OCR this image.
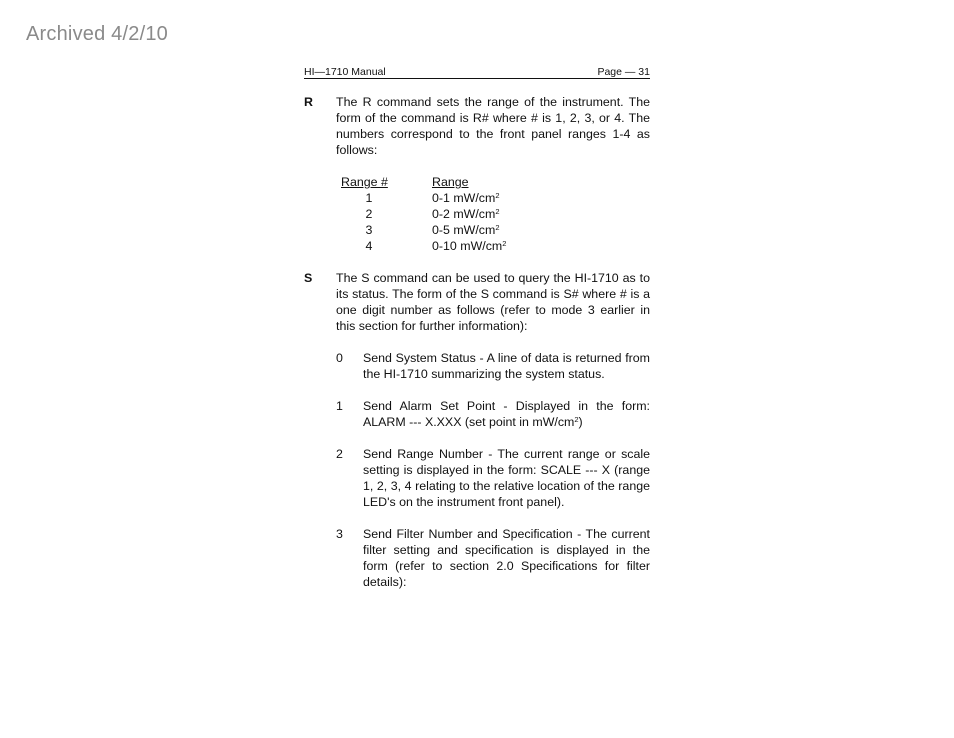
Archived 4/2/10
HI—1710 Manual	Page — 31
R The R command sets the range of the instrument. The form of the command is R# where # is 1, 2, 3, or 4. The numbers correspond to the front panel ranges 1-4 as follows:

Range #	Range
1	0-1 $mW/cm^2$
2	0-2 $mW/cm^2$
3	0-5 $mW/cm^2$
4	0-10 $mW/cm^2$
S The S command can be used to query the HI-1710 as to its status. The form of the S command is S# where # is a one digit number as follows (refer to mode 3 earlier in this section for further information):

0 Send System Status - A line of data is returned from the HI-1710 summarizing the system status.

1 Send Alarm Set Point - Displayed in the form: ALARM --- X.XXX (set point in $mW/cm^2$)

2 Send Range Number - The current range or scale setting is displayed in the form: SCALE --- X (range 1, 2, 3, 4 relating to the relative location of the range LED's on the instrument front panel).

3 Send Filter Number and Specification - The current filter setting and specification is displayed in the form (refer to section 2.0 Specifications for filter details):
